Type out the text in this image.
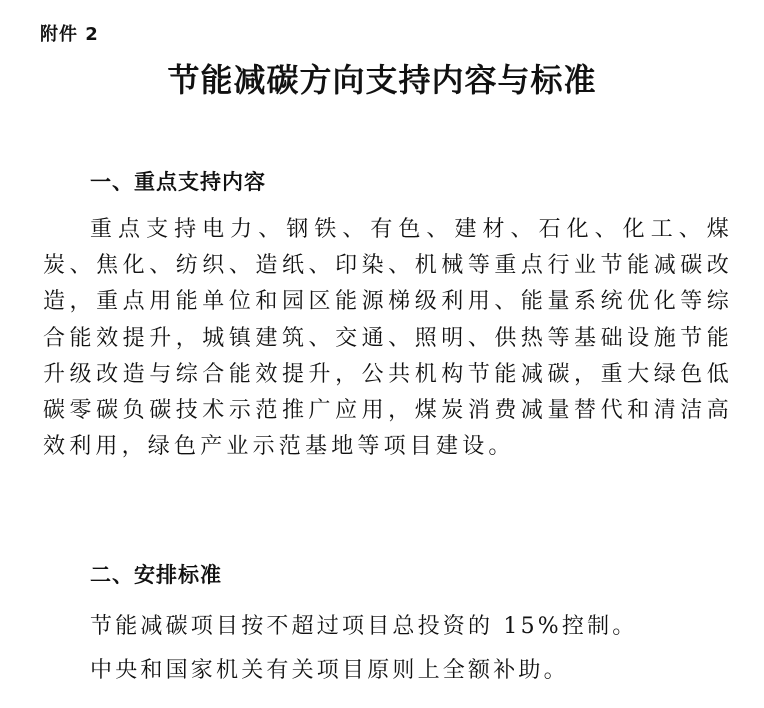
附件 2
节能减碳方向支持内容与标准
一、重点支持内容

重点支持电力、钢铁、有色、建材、石化、化工、煤炭、焦化、纺织、造纸、印染、机械等重点行业节能减碳改造，重点用能单位和园区能源梯级利用、能量系统优化等综合能效提升，城镇建筑、交通、照明、供热等基础设施节能升级改造与综合能效提升，公共机构节能减碳，重大绿色低碳零碳负碳技术示范推广应用，煤炭消费减量替代和清洁高效利用，绿色产业示范基地等项目建设。

二、安排标准

节能减碳项目按不超过项目总投资的 15%控制。

中央和国家机关有关项目原则上全额补助。
